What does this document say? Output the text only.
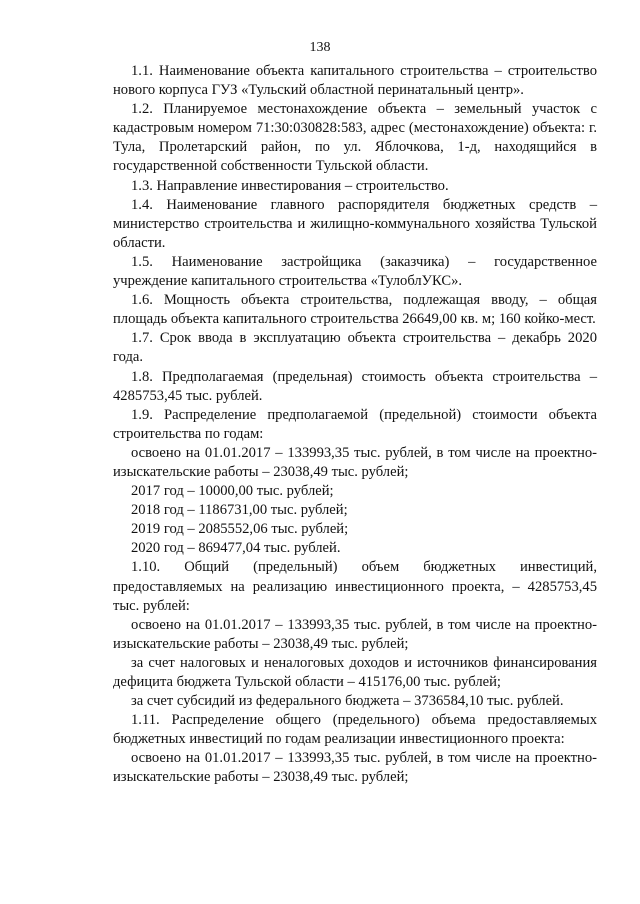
138

1.1. Наименование объекта капитального строительства – строительство нового корпуса ГУЗ «Тульский областной перинатальный центр».

1.2. Планируемое местонахождение объекта – земельный участок с кадастровым номером 71:30:030828:583, адрес (местонахождение) объекта: г. Тула, Пролетарский район, по ул. Яблочкова, 1-д, находящийся в государственной собственности Тульской области.

1.3. Направление инвестирования – строительство.

1.4. Наименование главного распорядителя бюджетных средств – министерство строительства и жилищно-коммунального хозяйства Тульской области.

1.5. Наименование застройщика (заказчика) – государственное учреждение капитального строительства «ТулоблУКС».

1.6. Мощность объекта строительства, подлежащая вводу, – общая площадь объекта капитального строительства 26649,00 кв. м; 160 койко-мест.

1.7. Срок ввода в эксплуатацию объекта строительства – декабрь 2020 года.

1.8. Предполагаемая (предельная) стоимость объекта строительства – 4285753,45 тыс. рублей.

1.9. Распределение предполагаемой (предельной) стоимости объекта строительства по годам:

освоено на 01.01.2017 – 133993,35 тыс. рублей, в том числе на проектно-изыскательские работы – 23038,49 тыс. рублей;

2017 год – 10000,00 тыс. рублей;

2018 год – 1186731,00 тыс. рублей;

2019 год – 2085552,06 тыс. рублей;

2020 год – 869477,04 тыс. рублей.

1.10. Общий (предельный) объем бюджетных инвестиций, предоставляемых на реализацию инвестиционного проекта, – 4285753,45 тыс. рублей:

освоено на 01.01.2017 – 133993,35 тыс. рублей, в том числе на проектно-изыскательские работы – 23038,49 тыс. рублей;

за счет налоговых и неналоговых доходов и источников финансирования дефицита бюджета Тульской области – 415176,00 тыс. рублей;

за счет субсидий из федерального бюджета – 3736584,10 тыс. рублей.

1.11. Распределение общего (предельного) объема предоставляемых бюджетных инвестиций по годам реализации инвестиционного проекта:

освоено на 01.01.2017 – 133993,35 тыс. рублей, в том числе на проектно-изыскательские работы – 23038,49 тыс. рублей;
